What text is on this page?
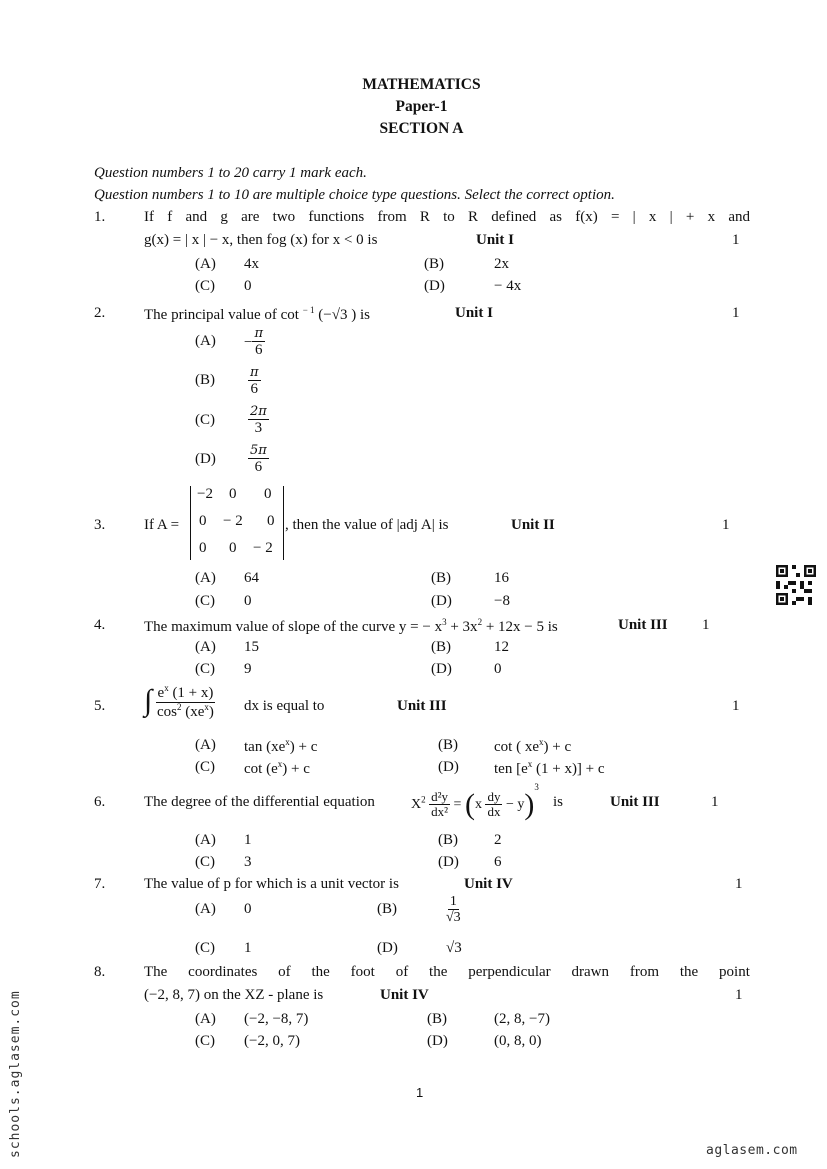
MATHEMATICS
Paper-1
SECTION A
Question numbers 1 to 20 carry 1 mark each.
Question numbers 1 to 10 are multiple choice type questions. Select the correct option.
1.	If f and g are two functions from R to R defined as f(x) = | x | + x and
g(x) = | x | − x, then fog (x) for x < 0 is	Unit I	1
(A) 4x	(B)	2x
(C) 0	(D)	− 4x
2.	The principal value of cot $^{- 1}$ (−√3 ) is	Unit I	1
$(A) - \frac{\pi}{6}$
(B)	$\frac{\pi}{6}$
(C)	$\frac{2\pi}{3}$
$(D) \frac{5\pi}{6}$
3.	If A =
−2 0 0
0 − 2 0
0 0 − 2
, then the value of |adj A| is	Unit II	1
(A) 64	(B)	16
(C) 0	(D)	−8
4.	The maximum value of slope of the curve y = − $x^3 + 3x^2 + 12x - 5$ is	Unit III 1
(A) 15	(B)	12
(C) 9	(D)	0
5. ∫ $\frac{e^x (1 + x)}{\cos^2 (xe^x)}$ dx is equal to	Unit III	1
(A) $\tan (xe^x) + c$	(B) cot ( $xe^x) + c$
(C) $\cot (e^x) + c$	(D) ten [$e^x$ (1 + x)] + c
6.	The degree of the differential equation	$X^2 \frac{\text{d²y}}{\text{dx²}} = (x \frac{dy}{dx} - y)^3$
is	Unit III	1
(A) 1	(B) 2
(C) 3	(D) 6
7.	The value of p for which is a unit vector is	Unit IV	1
(A) 0	(B)	$\frac{1}{√3}$
(C) 1	(D)	√3
8.	The coordinates of the foot of the perpendicular drawn from the point
(−2, 8, 7) on the XZ - plane is	Unit IV	1
(A) (−2, −8, 7)	(B)	(2, 8, −7)
(C) (−2, 0, 7)	(D)	(0, 8, 0)
1
schools.aglasem.com	aglasem.com
